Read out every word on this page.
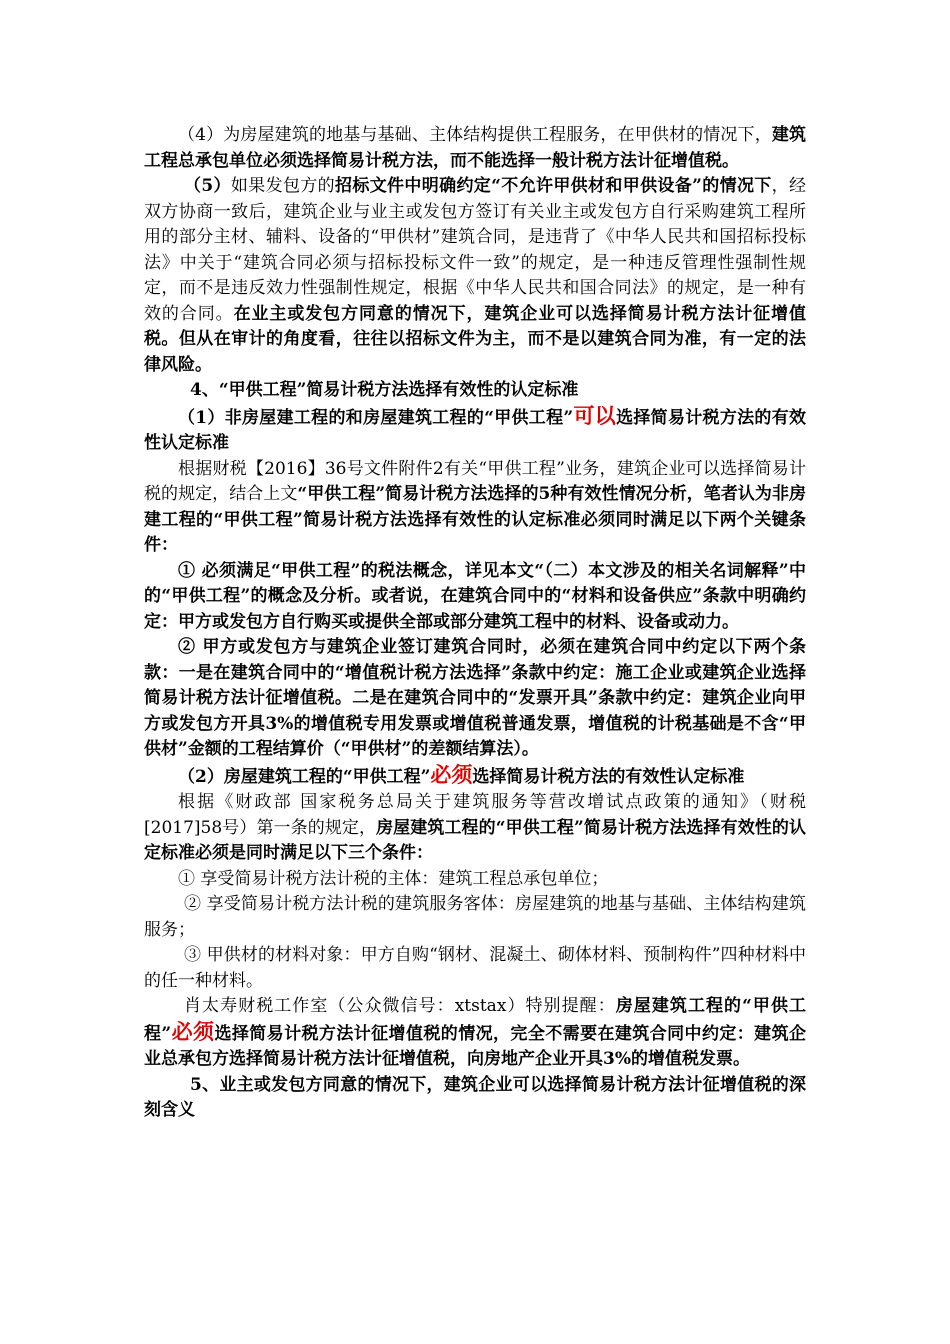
（4）为房屋建筑的地基与基础、主体结构提供工程服务，在甲供材的情况下，建筑工程总承包单位必须选择简易计税方法，而不能选择一般计税方法计征增值税。

（5）如果发包方的招标文件中明确约定“不允许甲供材和甲供设备”的情况下，经双方协商一致后，建筑企业与业主或发包方签订有关业主或发包方自行采购建筑工程所用的部分主材、辅料、设备的“甲供材”建筑合同，是违背了《中华人民共和国招标投标法》中关于“建筑合同必须与招标投标文件一致”的规定，是一种违反管理性强制性规定，而不是违反效力性强制性规定，根据《中华人民共和国合同法》的规定，是一种有效的合同。在业主或发包方同意的情况下，建筑企业可以选择简易计税方法计征增值税。但从在审计的角度看，往往以招标文件为主，而不是以建筑合同为准，有一定的法律风险。

4、“甲供工程”简易计税方法选择有效性的认定标准

（1）非房屋建工程的和房屋建筑工程的“甲供工程”可以选择简易计税方法的有效性认定标准

根据财税【2016】36号文件附件2有关“甲供工程”业务，建筑企业可以选择简易计税的规定，结合上文“甲供工程”简易计税方法选择的5种有效性情况分析，笔者认为非房建工程的“甲供工程”简易计税方法选择有效性的认定标准必须同时满足以下两个关键条件：

① 必须满足“甲供工程”的税法概念，详见本文“（二）本文涉及的相关名词解释”中的“甲供工程”的概念及分析。或者说，在建筑合同中的“材料和设备供应”条款中明确约定：甲方或发包方自行购买或提供全部或部分建筑工程中的材料、设备或动力。

② 甲方或发包方与建筑企业签订建筑合同时，必须在建筑合同中约定以下两个条款：一是在建筑合同中的“增值税计税方法选择”条款中约定：施工企业或建筑企业选择简易计税方法计征增值税。二是在建筑合同中的“发票开具”条款中约定：建筑企业向甲方或发包方开具3%的增值税专用发票或增值税普通发票，增值税的计税基础是不含“甲供材”金额的工程结算价（“甲供材”的差额结算法）。

（2）房屋建筑工程的“甲供工程”必须选择简易计税方法的有效性认定标准

根据《财政部 国家税务总局关于建筑服务等营改增试点政策的通知》（财税[2017]58号）第一条的规定，房屋建筑工程的“甲供工程”简易计税方法选择有效性的认定标准必须是同时满足以下三个条件：

① 享受简易计税方法计税的主体：建筑工程总承包单位；

② 享受简易计税方法计税的建筑服务客体：房屋建筑的地基与基础、主体结构建筑服务；

③ 甲供材的材料对象：甲方自购“钢材、混凝土、砌体材料、预制构件”四种材料中的任一种材料。

肖太寿财税工作室（公众微信号：xtstax）特别提醒：房屋建筑工程的“甲供工程”必须选择简易计税方法计征增值税的情况，完全不需要在建筑合同中约定：建筑企业总承包方选择简易计税方法计征增值税，向房地产企业开具3%的增值税发票。

5、业主或发包方同意的情况下，建筑企业可以选择简易计税方法计征增值税的深刻含义
